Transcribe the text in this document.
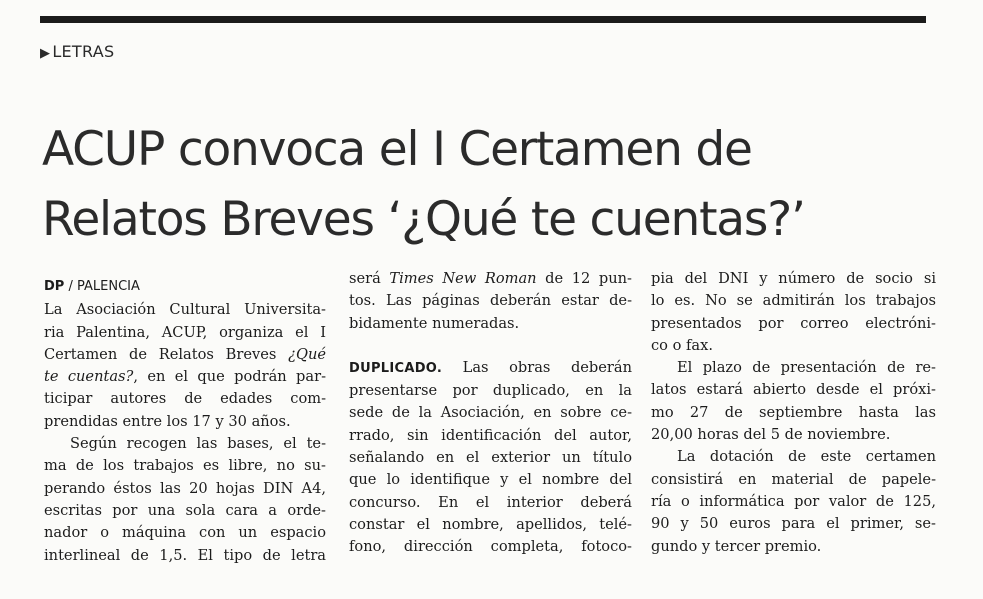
▶ LETRAS
ACUP convoca el I Certamen de
Relatos Breves ‘¿Qué te cuentas?’
DP / PALENCIA
La Asociación Cultural Universita-
ria Palentina, ACUP, organiza el I
Certamen de Relatos Breves ¿Qué
te cuentas?, en el que podrán par-
ticipar autores de edades com-
prendidas entre los 17 y 30 años.
Según recogen las bases, el te-
ma de los trabajos es libre, no su-
perando éstos las 20 hojas DIN A4,
escritas por una sola cara a orde-
nador o máquina con un espacio
interlineal de 1,5. El tipo de letra
será Times New Roman de 12 pun-
tos. Las páginas deberán estar de-
bidamente numeradas.
DUPLICADO. Las obras deberán
presentarse por duplicado, en la
sede de la Asociación, en sobre ce-
rrado, sin identificación del autor,
señalando en el exterior un título
que lo identifique y el nombre del
concurso. En el interior deberá
constar el nombre, apellidos, telé-
fono, dirección completa, fotoco-
pia del DNI y número de socio si
lo es. No se admitirán los trabajos
presentados por correo electróni-
co o fax.
El plazo de presentación de re-
latos estará abierto desde el próxi-
mo 27 de septiembre hasta las
20,00 horas del 5 de noviembre.
La dotación de este certamen
consistirá en material de papele-
ría o informática por valor de 125,
90 y 50 euros para el primer, se-
gundo y tercer premio.
